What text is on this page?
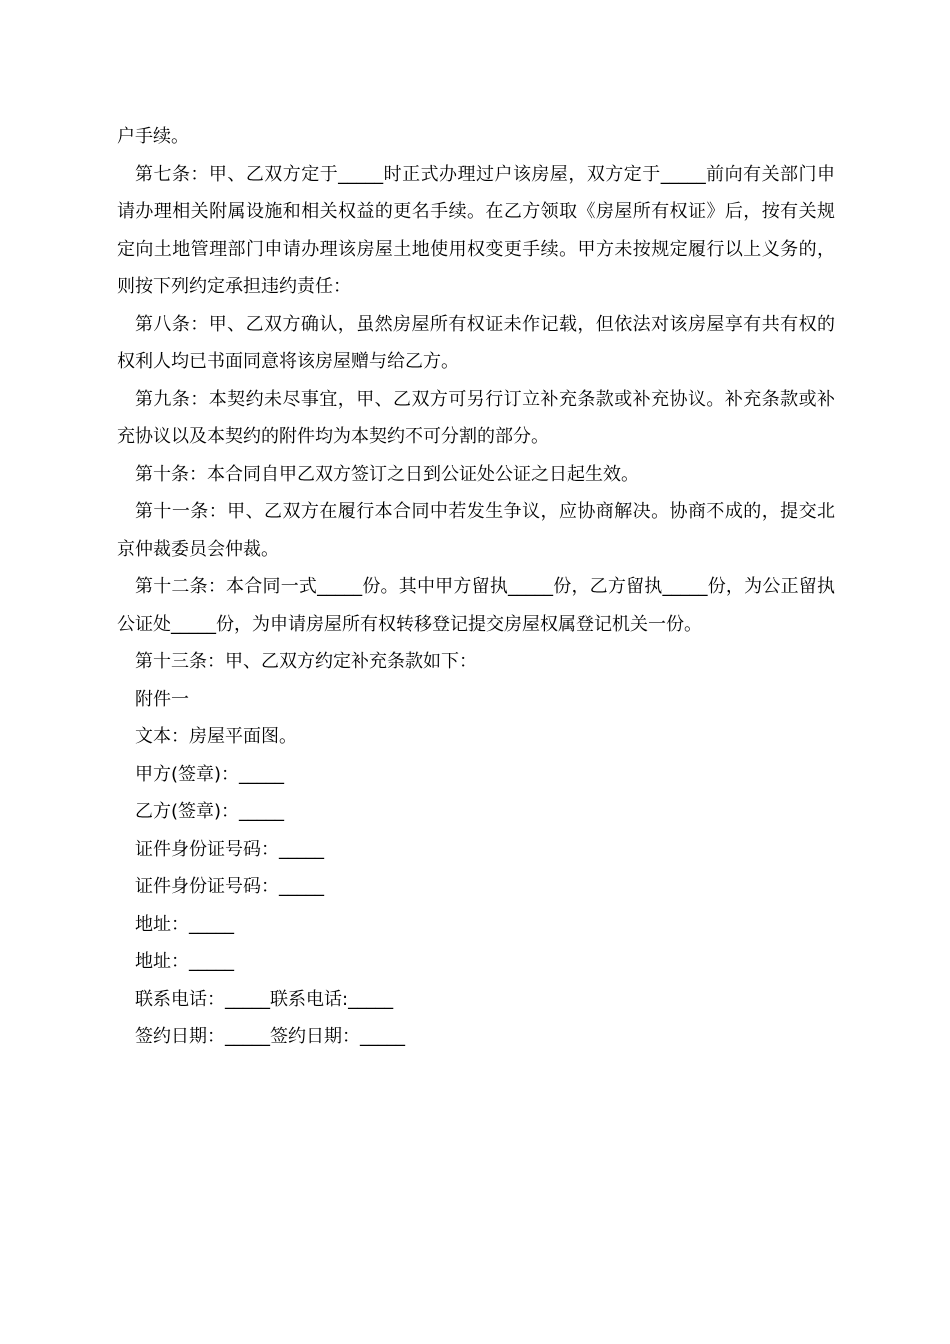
户手续。

第七条：甲、乙双方定于_____时正式办理过户该房屋，双方定于_____前向有关部门申请办理相关附属设施和相关权益的更名手续。在乙方领取《房屋所有权证》后，按有关规定向土地管理部门申请办理该房屋土地使用权变更手续。甲方未按规定履行以上义务的，则按下列约定承担违约责任：

第八条：甲、乙双方确认，虽然房屋所有权证未作记载，但依法对该房屋享有共有权的权利人均已书面同意将该房屋赠与给乙方。

第九条：本契约未尽事宜，甲、乙双方可另行订立补充条款或补充协议。补充条款或补充协议以及本契约的附件均为本契约不可分割的部分。

第十条：本合同自甲乙双方签订之日到公证处公证之日起生效。

第十一条：甲、乙双方在履行本合同中若发生争议，应协商解决。协商不成的，提交北京仲裁委员会仲裁。

第十二条：本合同一式_____份。其中甲方留执_____份，乙方留执_____份，为公正留执公证处_____份，为申请房屋所有权转移登记提交房屋权属登记机关一份。

第十三条：甲、乙双方约定补充条款如下：

附件一

文本：房屋平面图。

甲方(签章)：_____

乙方(签章)：_____

证件身份证号码：_____

证件身份证号码：_____

地址：_____

地址：_____

联系电话：_____联系电话:_____

签约日期：_____签约日期：_____
